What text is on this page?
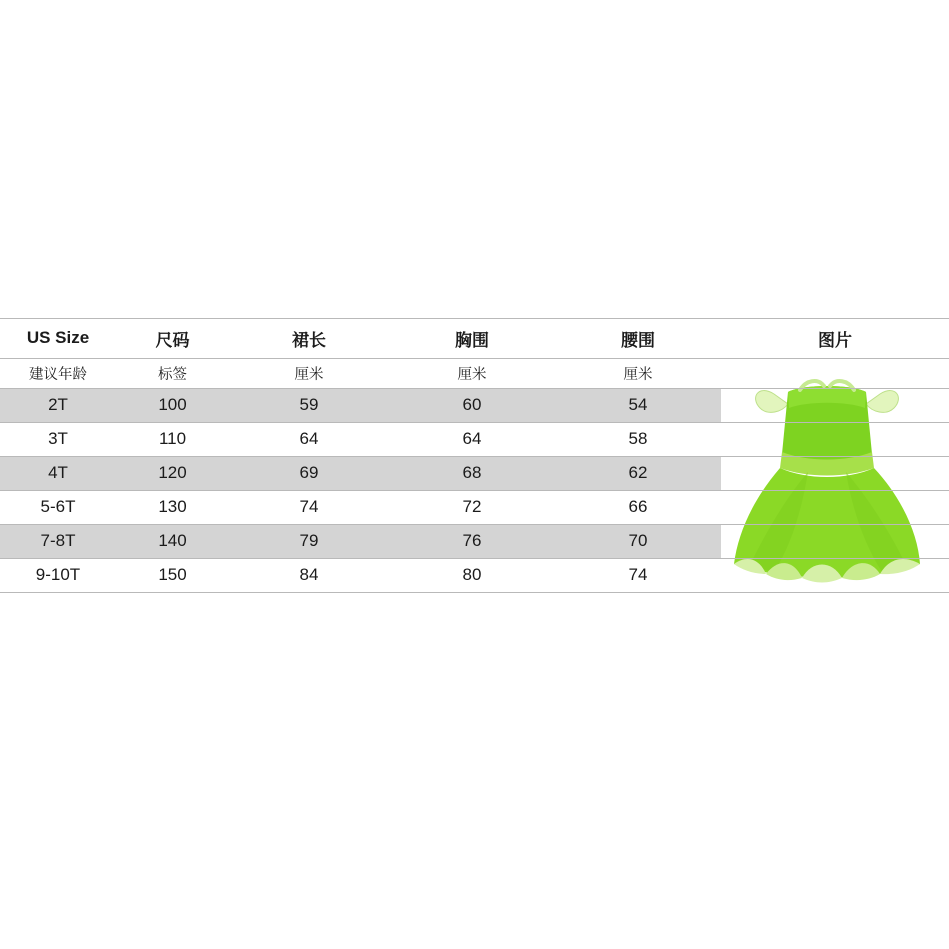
US Size	尺码	裙长	胸围	腰围	图片
建议年龄	标签	厘米	厘米	厘米	

2T	100	59	60	54	
3T	110	64	64	58	
4T	120	69	68	62	
5-6T	130	74	72	66	
7-8T	140	79	76	70	
9-10T	150	84	80	74	
